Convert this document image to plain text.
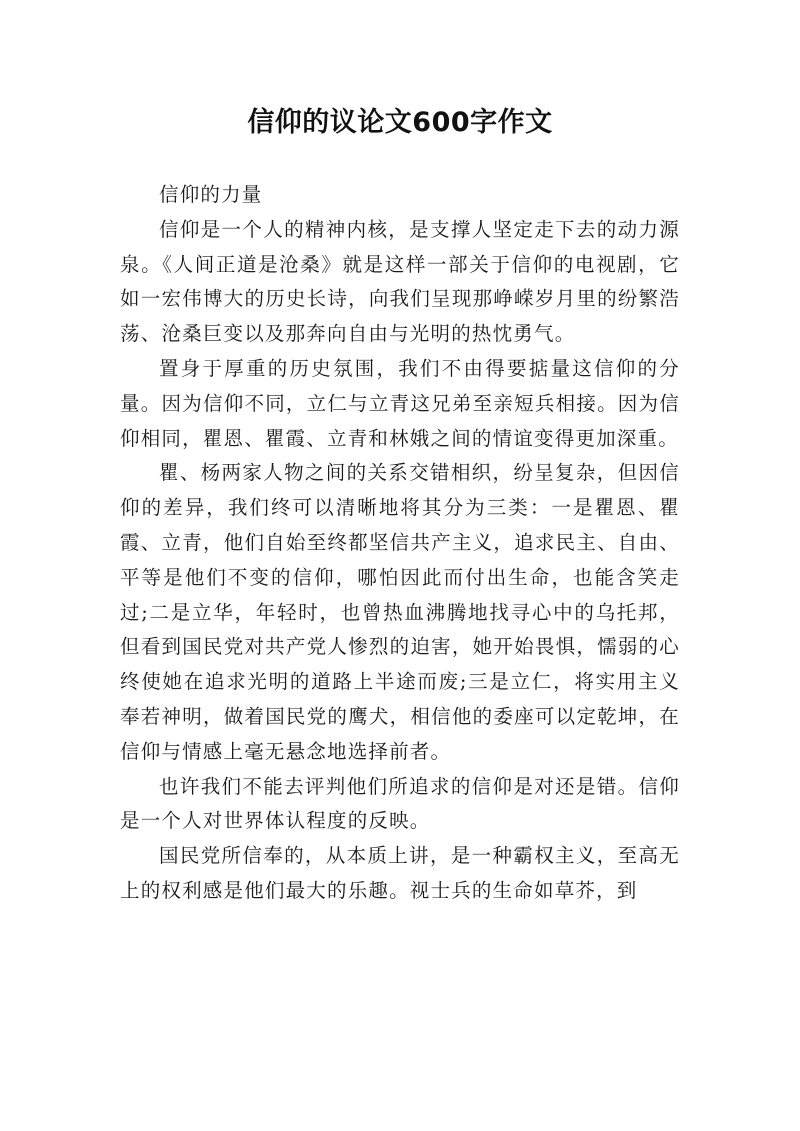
信仰的议论文600字作文

信仰的力量

信仰是一个人的精神内核，是支撑人坚定走下去的动力源泉。《人间正道是沧桑》就是这样一部关于信仰的电视剧，它如一宏伟博大的历史长诗，向我们呈现那峥嵘岁月里的纷繁浩荡、沧桑巨变以及那奔向自由与光明的热忱勇气。

置身于厚重的历史氛围，我们不由得要掂量这信仰的分量。因为信仰不同，立仁与立青这兄弟至亲短兵相接。因为信仰相同，瞿恩、瞿霞、立青和林娥之间的情谊变得更加深重。

瞿、杨两家人物之间的关系交错相织，纷呈复杂，但因信仰的差异，我们终可以清晰地将其分为三类：一是瞿恩、瞿霞、立青，他们自始至终都坚信共产主义，追求民主、自由、平等是他们不变的信仰，哪怕因此而付出生命，也能含笑走过;二是立华，年轻时，也曾热血沸腾地找寻心中的乌托邦，但看到国民党对共产党人惨烈的迫害，她开始畏惧，懦弱的心终使她在追求光明的道路上半途而废;三是立仁，将实用主义奉若神明，做着国民党的鹰犬，相信他的委座可以定乾坤，在信仰与情感上毫无悬念地选择前者。

也许我们不能去评判他们所追求的信仰是对还是错。信仰是一个人对世界体认程度的反映。

国民党所信奉的，从本质上讲，是一种霸权主义，至高无上的权利感是他们最大的乐趣。视士兵的生命如草芥，到
